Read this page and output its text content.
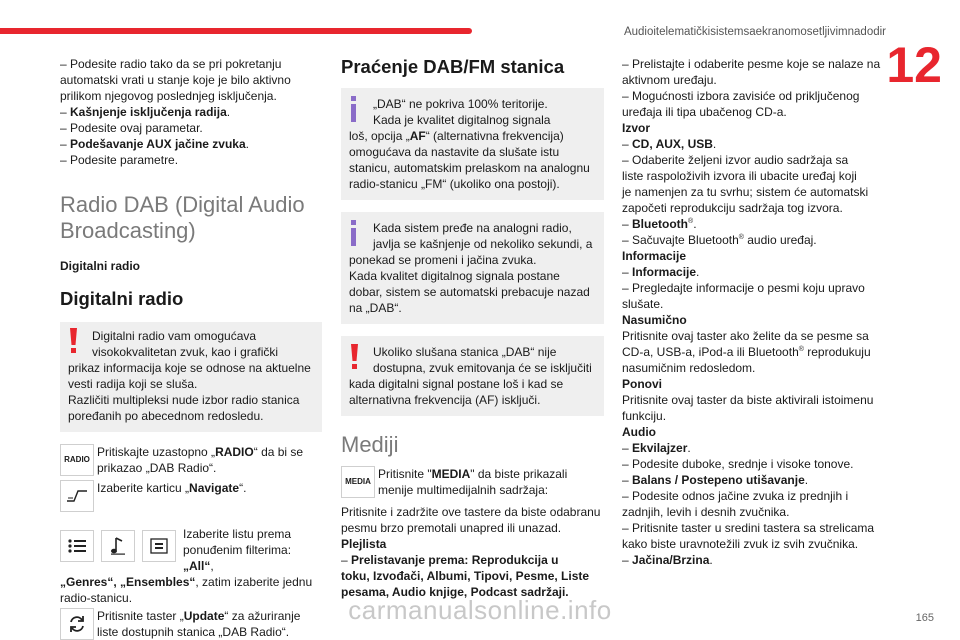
Audioitelematičkisistemsaekranomosetljivimnadodir
12

– Podesite radio tako da se pri pokretanju
automatski vrati u stanje koje je bilo aktivno
prilikom njegovog poslednjeg isključenja.

– Kašnjenje isključenja radija.

– Podesite ovaj parametar.

– Podešavanje AUX jačine zvuka.

– Podesite parametre.

Radio DAB (Digital Audio Broadcasting)

Digitalni radio

Digitalni radio
Digitalni radio vam omogućava
visokokvalitetan zvuk, kao i grafički
prikaz informacija koje se odnose na aktuelne
vesti radija koji se sluša.
Različiti multipleksi nude izbor radio stanica
poređanih po abecednom redosledu.
RADIO
Pritiskajte uzastopno „RADIO“ da bi se
prikazao „DAB Radio“.
Izaberite karticu „Navigate“.
Izaberite listu prema
ponuđenim filterima: „All“,
„Genres“, „Ensembles“, zatim izaberite jednu
radio-stanicu.
Pritisnite taster „Update“ za ažuriranje
liste dostupnih stanica „DAB Radio“.
Praćenje DAB/FM stanica
„DAB“ ne pokriva 100% teritorije.
Kada je kvalitet digitalnog signala
loš, opcija „AF“ (alternativna frekvencija)
omogućava da nastavite da slušate istu
stanicu, automatskim prelaskom na analognu
radio-stanicu „FM“ (ukoliko ona postoji).
Kada sistem pređe na analogni radio,
javlja se kašnjenje od nekoliko sekundi, a
ponekad se promeni i jačina zvuka.
Kada kvalitet digitalnog signala postane
dobar, sistem se automatski prebacuje nazad
na „DAB“.
Ukoliko slušana stanica „DAB“ nije
dostupna, zvuk emitovanja će se isključiti
kada digitalni signal postane loš i kad se
alternativna frekvencija (AF) isključi.
Mediji
MEDIA
Pritisnite "MEDIA" da biste prikazali
menije multimedijalnih sadržaja:

Pritisnite i zadržite ove tastere da biste odabranu
pesmu brzo premotali unapred ili unazad.

Plejlista

– Prelistavanje prema: Reprodukcija u
toku, Izvođači, Albumi, Tipovi, Pesme, Liste
pesama, Audio knjige, Podcast sadržaji.

– Prelistajte i odaberite pesme koje se nalaze na
aktivnom uređaju.
– Mogućnosti izbora zavisiće od priključenog
uređaja ili tipa ubačenog CD-a.

Izvor

– CD, AUX, USB.

– Odaberite željeni izvor audio sadržaja sa
liste raspoloživih izvora ili ubacite uređaj koji
je namenjen za tu svrhu; sistem će automatski
započeti reprodukciju sadržaja tog izvora.

– Bluetooth®.

– Sačuvajte Bluetooth® audio uređaj.

Informacije

– Informacije.

– Pregledajte informacije o pesmi koju upravo
slušate.

Nasumično

Pritisnite ovaj taster ako želite da se pesme sa
CD-a, USB-a, iPod-a ili Bluetooth® reprodukuju
nasumičnim redosledom.

Ponovi

Pritisnite ovaj taster da biste aktivirali istoimenu
funkciju.

Audio

– Ekvilajzer.

– Podesite duboke, srednje i visoke tonove.

– Balans / Postepeno utišavanje.

– Podesite odnos jačine zvuka iz prednjih i
zadnjih, levih i desnih zvučnika.
– Pritisnite taster u sredini tastera sa strelicama
kako biste uravnotežili zvuk iz svih zvučnika.

– Jačina/Brzina.

carmanualsonline.info	165
